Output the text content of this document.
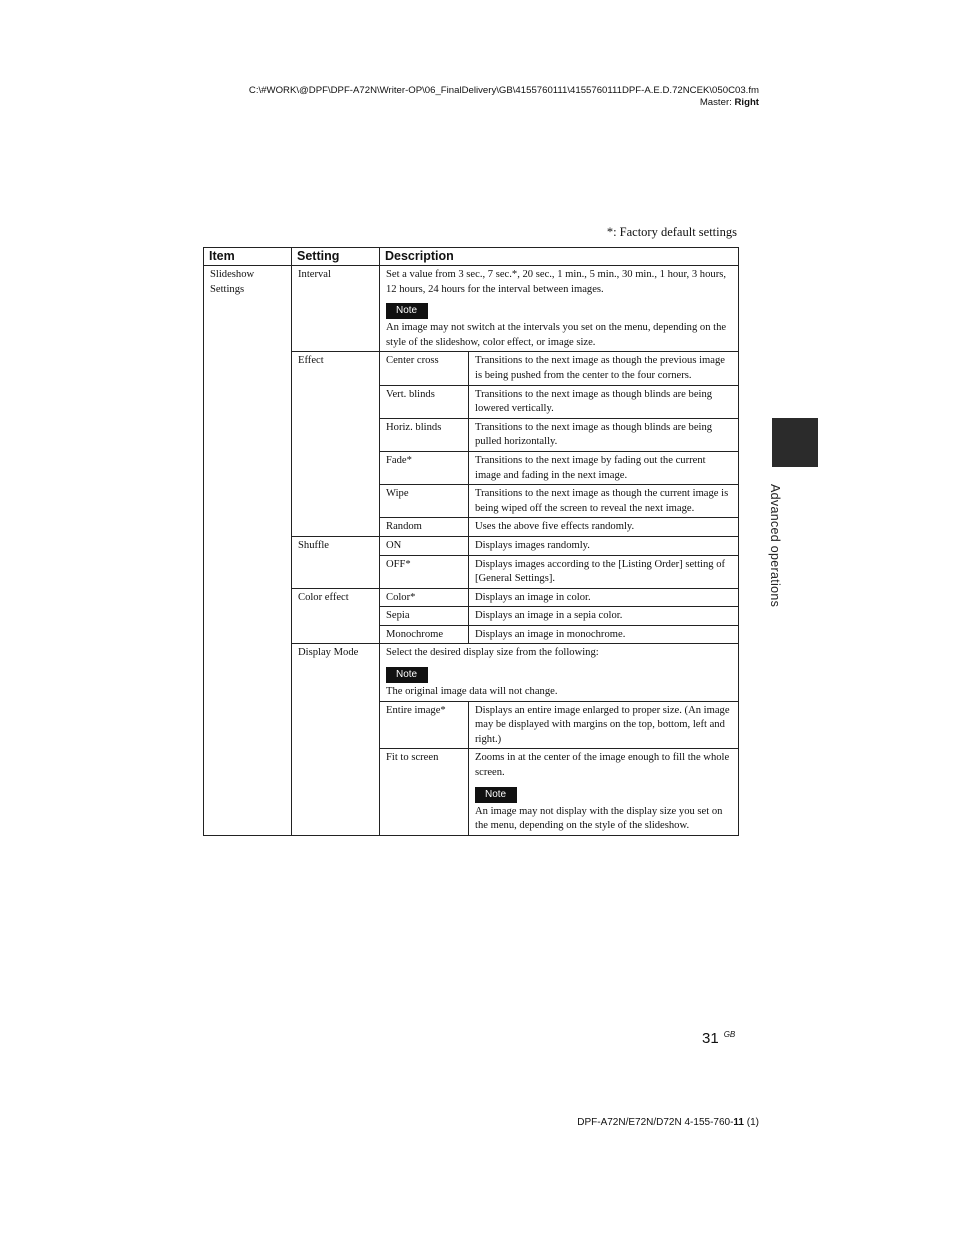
C:\#WORK\@DPF\DPF-A72N\Writer-OP\06_FinalDelivery\GB\4155760111\4155760111DPF-A.E.D.72NCEK\050C03.fm
Master: Right
*: Factory default settings
Item	Setting	Description	

Slideshow
Settings	Interval	Set a value from 3 sec., 7 sec.*, 20 sec., 1 min., 5 min., 30 min., 1 hour, 3 hours, 12 hours, 24 hours for the interval between images.
Note
An image may not switch at the intervals you set on the menu, depending on the style of the slideshow, color effect, or image size.	

	Effect	Center cross	Transitions to the next image as though the previous image is being pushed from the center to the four corners.
		Vert. blinds	Transitions to the next image as though blinds are being lowered vertically.
		Horiz. blinds	Transitions to the next image as though blinds are being pulled horizontally.
		Fade*	Transitions to the next image by fading out the current image and fading in the next image.
		Wipe	Transitions to the next image as though the current image is being wiped off the screen to reveal the next image.
		Random	Uses the above five effects randomly.
	Shuffle	ON	Displays images randomly.
		OFF*	Displays images according to the [Listing Order] setting of [General Settings].
	Color effect	Color*	Displays an image in color.
		Sepia	Displays an image in a sepia color.
		Monochrome	Displays an image in monochrome.
	Display Mode	Select the desired display size from the following:
Note
The original image data will not change.	

		Entire image*	Displays an entire image enlarged to proper size. (An image may be displayed with margins on the top, bottom, left and right.)
		Fit to screen	Zooms in at the center of the image enough to fill the whole screen.
Note
An image may not display with the display size you set on the menu, depending on the style of the slideshow.
Advanced operations
31 $^{GB}$
DPF-A72N/E72N/D72N 4-155-760-11 (1)
